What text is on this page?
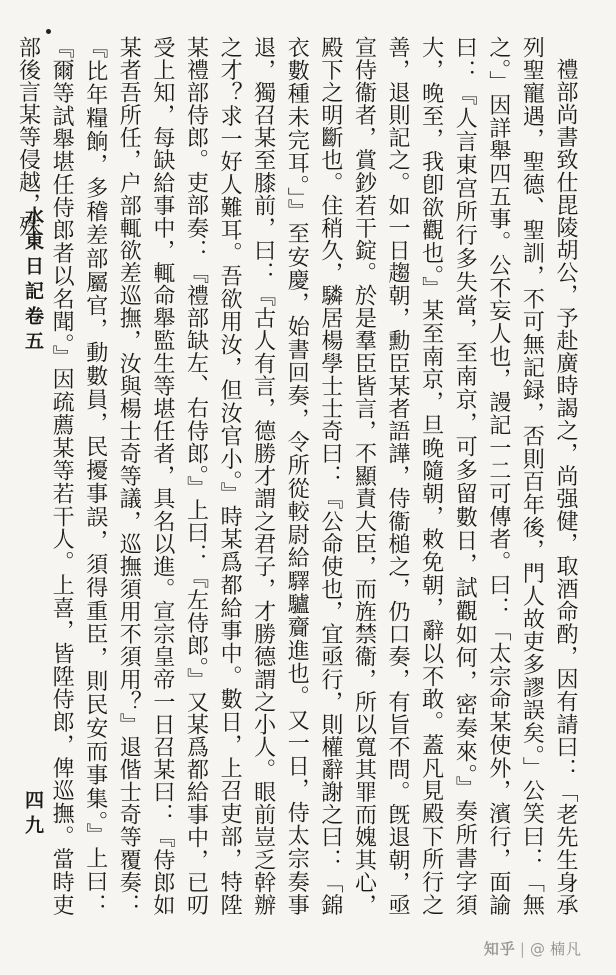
水東日記卷五
四九	禮部尚書致仕毘陵胡公，予赴廣時謁之，尚强健，取酒命酌，因有請曰：「老先生身承列聖寵遇，聖德、聖訓，不可無記録，否則百年後，門人故吏多謬誤矣。」公笑曰：「無之。」因詳舉四五事。公不妄人也，謾記一二可傳者。曰：「太宗命某使外，濱行，面諭曰：『人言東宫所行多失當，至南京，可多留數日，試觀如何，密奏來。』奏所書字須大，晚至，我卽欲觀也。』某至南京，旦晚隨朝，敕免朝，辭以不敢。蓋凡見殿下所行之善，退則記之。如一日趨朝，勳臣某者語譁，侍衞槌之，仍口奏，有旨不問。旣退朝，亟宣侍衞者，賞鈔若干錠。於是羣臣皆言，不顯責大臣，而旌禁衞，所以寬其罪而媿其心，殿下之明斷也。住稍久，驎居楊學士士奇曰：『公命使也，宜亟行，則權辭謝之曰：「錦衣數種未完耳。」』至安慶，始書回奏，令所從較尉給驛驢齎進也。又一日，侍太宗奏事退，獨召某至膝前，曰：『古人有言，德勝才謂之君子，才勝德謂之小人。眼前豈乏幹辦之才？求一好人難耳。吾欲用汝，但汝官小。』時某爲都給事中。數日，上召吏部，特陞某禮部侍郎。吏部奏：『禮部缺左、右侍郎。』上曰：『左侍郎。』又某爲都給事中，已叨受上知，每缺給事中，輒命舉監生等堪任者，具名以進。宣宗皇帝一日召某曰：『侍郎如某者吾所任，户部輒欲差巡撫，汝與楊士奇等議，巡撫須用不須用？』退偕士奇等覆奏：『比年糧餉，多稽差部屬官，動數員，民擾事誤，須得重臣，則民安而事集。』上曰：『爾等試舉堪任侍郎者以名聞。』因疏薦某等若干人。上喜，皆陞侍郎，俾巡撫。當時吏部後言某等侵越，殊

知乎 | @ 楠凡
